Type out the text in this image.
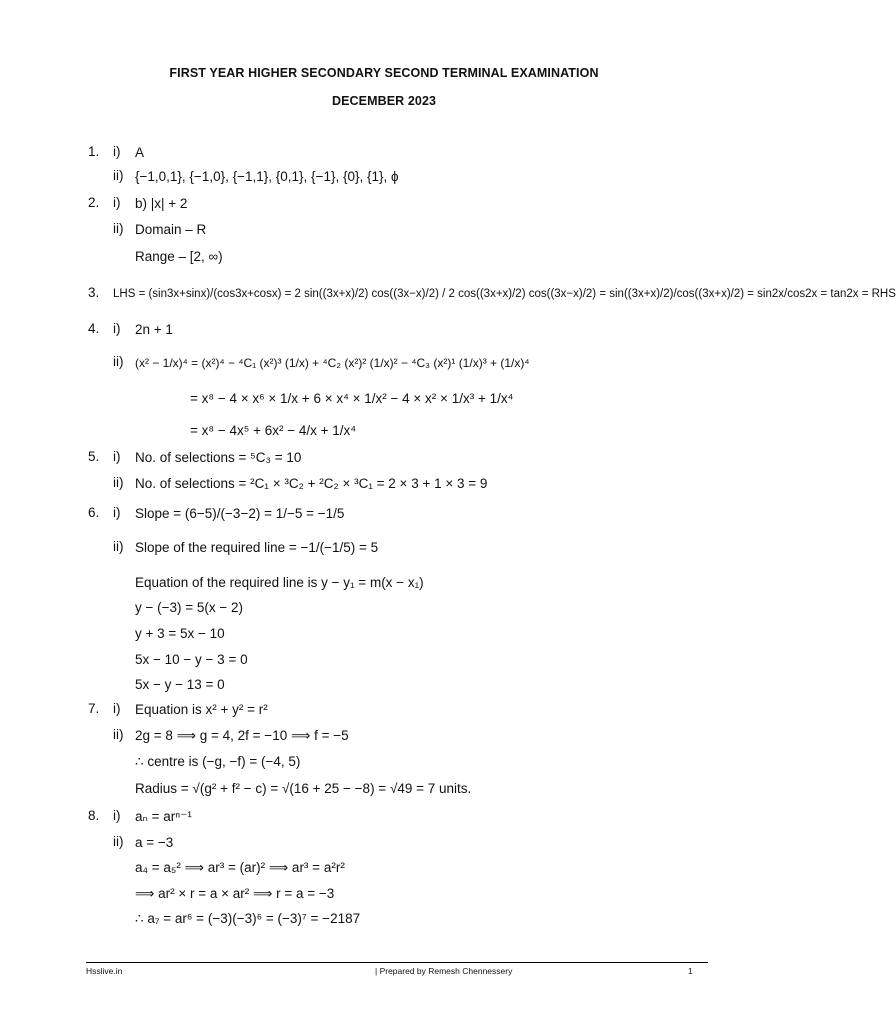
FIRST YEAR HIGHER SECONDARY SECOND TERMINAL EXAMINATION
DECEMBER 2023
1. i) A
ii) {−1,0,1}, {−1,0}, {−1,1}, {0,1}, {−1}, {0}, {1}, ϕ
2. i) b) |x| + 2
ii) Domain – R
Range – [2, ∞)
3. LHS = (sin3x+sinx)/(cos3x+cosx) = 2 sin((3x+x)/2) cos((3x−x)/2) / 2 cos((3x+x)/2) cos((3x−x)/2) = sin((3x+x)/2)/cos((3x+x)/2) = sin2x/cos2x = tan2x = RHS
4. i) 2n + 1
ii) (x² − 1/x)⁴ = (x²)⁴ − ⁴C₁ (x²)³ (1/x) + ⁴C₂ (x²)² (1/x)² − ⁴C₃ (x²)¹ (1/x)³ + (1/x)⁴
= x⁸ − 4 × x⁶ × 1/x + 6 × x⁴ × 1/x² − 4 × x² × 1/x³ + 1/x⁴
= x⁸ − 4x⁵ + 6x² − 4/x + 1/x⁴
5. i) No. of selections = ⁵C₃ = 10
ii) No. of selections = ²C₁ × ³C₂ + ²C₂ × ³C₁ = 2 × 3 + 1 × 3 = 9
6. i) Slope = (6−5)/(−3−2) = 1/−5 = −1/5
ii) Slope of the required line = −1/(−1/5) = 5
Equation of the required line is y − y₁ = m(x − x₁)
y − (−3) = 5(x − 2)
y + 3 = 5x − 10
5x − 10 − y − 3 = 0
5x − y − 13 = 0
7. i) Equation is x² + y² = r²
ii) 2g = 8 ⟹ g = 4, 2f = −10 ⟹ f = −5
∴ centre is (−g, −f) = (−4, 5)
Radius = √(g² + f² − c) = √(16 + 25 − −8) = √49 = 7 units.
8. i) aₙ = arⁿ⁻¹
ii) a = −3
a₄ = a₅² ⟹ ar³ = (ar)² ⟹ ar³ = a²r²
⟹ ar² × r = a × ar² ⟹ r = a = −3
∴ a₇ = ar⁶ = (−3)(−3)⁶ = (−3)⁷ = −2187
Hsslive.in	| Prepared by Remesh Chennessery	1
